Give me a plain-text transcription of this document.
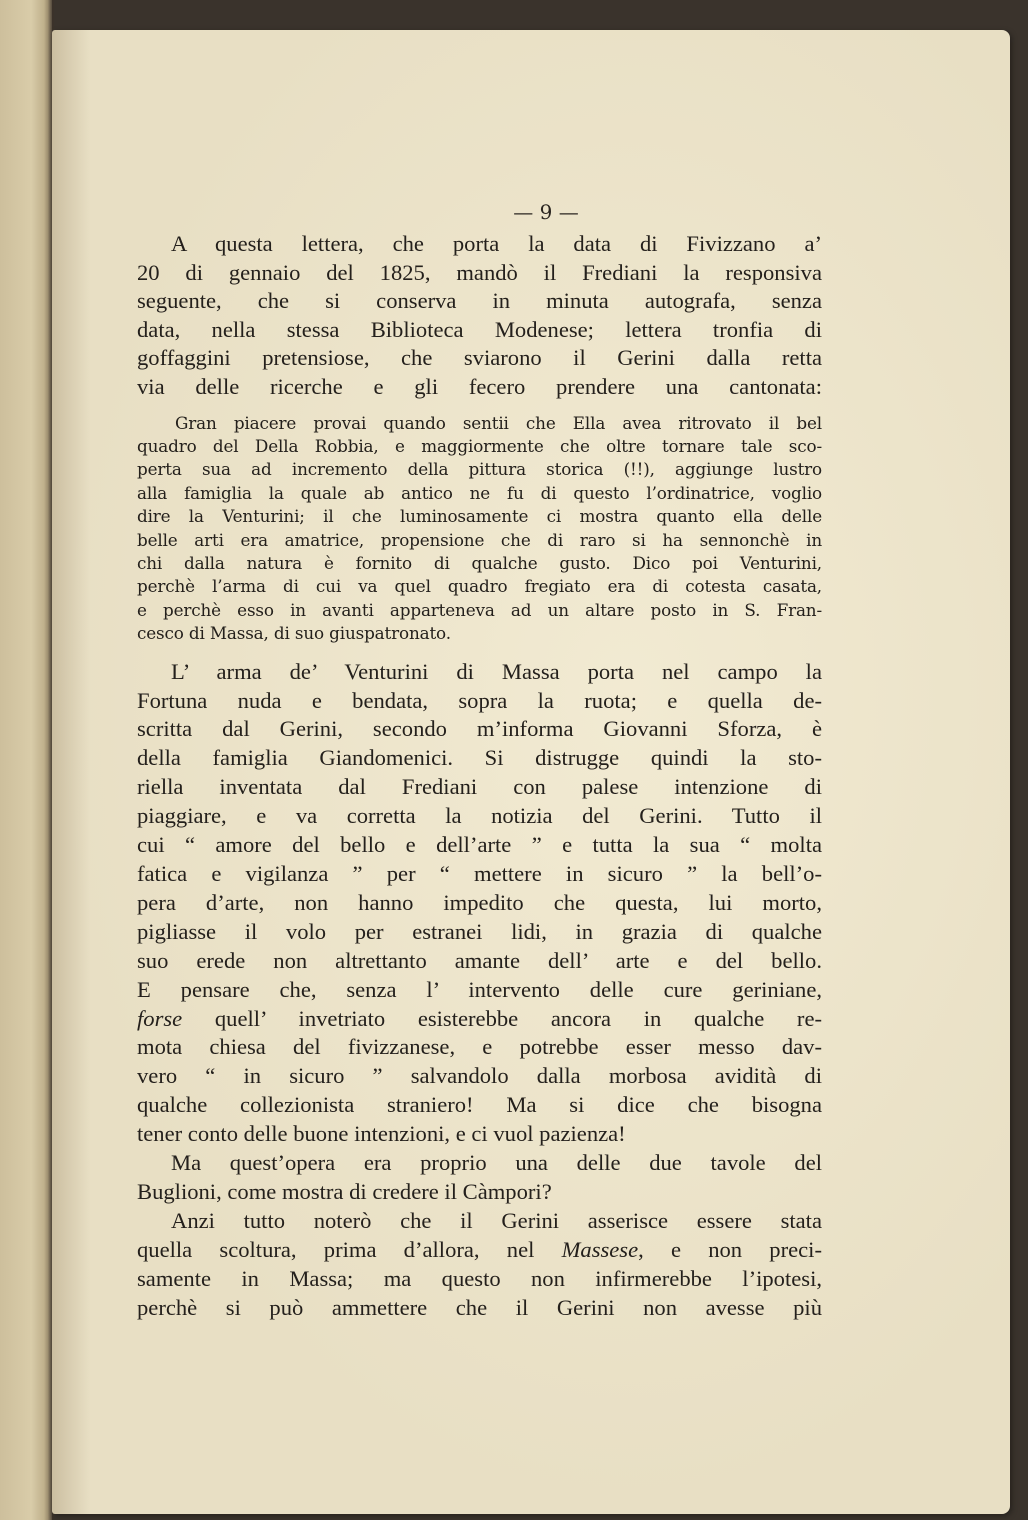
— 9 —
A questa lettera, che porta la data di Fivizzano a’
20 di gennaio del 1825, mandò il Frediani la responsiva
seguente, che si conserva in minuta autografa, senza
data, nella stessa Biblioteca Modenese; lettera tronfia di
goffaggini pretensiose, che sviarono il Gerini dalla retta
via delle ricerche e gli fecero prendere una cantonata:
Gran piacere provai quando sentii che Ella avea ritrovato il bel
quadro del Della Robbia, e maggiormente che oltre tornare tale sco-
perta sua ad incremento della pittura storica (!!), aggiunge lustro
alla famiglia la quale ab antico ne fu di questo l’ordinatrice, voglio
dire la Venturini; il che luminosamente ci mostra quanto ella delle
belle arti era amatrice, propensione che di raro si ha sennonchè in
chi dalla natura è fornito di qualche gusto. Dico poi Venturini,
perchè l’arma di cui va quel quadro fregiato era di cotesta casata,
e perchè esso in avanti apparteneva ad un altare posto in S. Fran-
cesco di Massa, di suo giuspatronato.
L’ arma de’ Venturini di Massa porta nel campo la
Fortuna nuda e bendata, sopra la ruota; e quella de-
scritta dal Gerini, secondo m’informa Giovanni Sforza, è
della famiglia Giandomenici. Si distrugge quindi la sto-
riella inventata dal Frediani con palese intenzione di
piaggiare, e va corretta la notizia del Gerini. Tutto il
cui “ amore del bello e dell’arte ” e tutta la sua “ molta
fatica e vigilanza ” per “ mettere in sicuro ” la bell’o-
pera d’arte, non hanno impedito che questa, lui morto,
pigliasse il volo per estranei lidi, in grazia di qualche
suo erede non altrettanto amante dell’ arte e del bello.
E pensare che, senza l’ intervento delle cure geriniane,
forse quell’ invetriato esisterebbe ancora in qualche re-
mota chiesa del fivizzanese, e potrebbe esser messo dav-
vero “ in sicuro ” salvandolo dalla morbosa avidità di
qualche collezionista straniero! Ma si dice che bisogna
tener conto delle buone intenzioni, e ci vuol pazienza!
Ma quest’opera era proprio una delle due tavole del
Buglioni, come mostra di credere il Càmpori?
Anzi tutto noterò che il Gerini asserisce essere stata
quella scoltura, prima d’allora, nel Massese, e non preci-
samente in Massa; ma questo non infirmerebbe l’ipotesi,
perchè si può ammettere che il Gerini non avesse più
